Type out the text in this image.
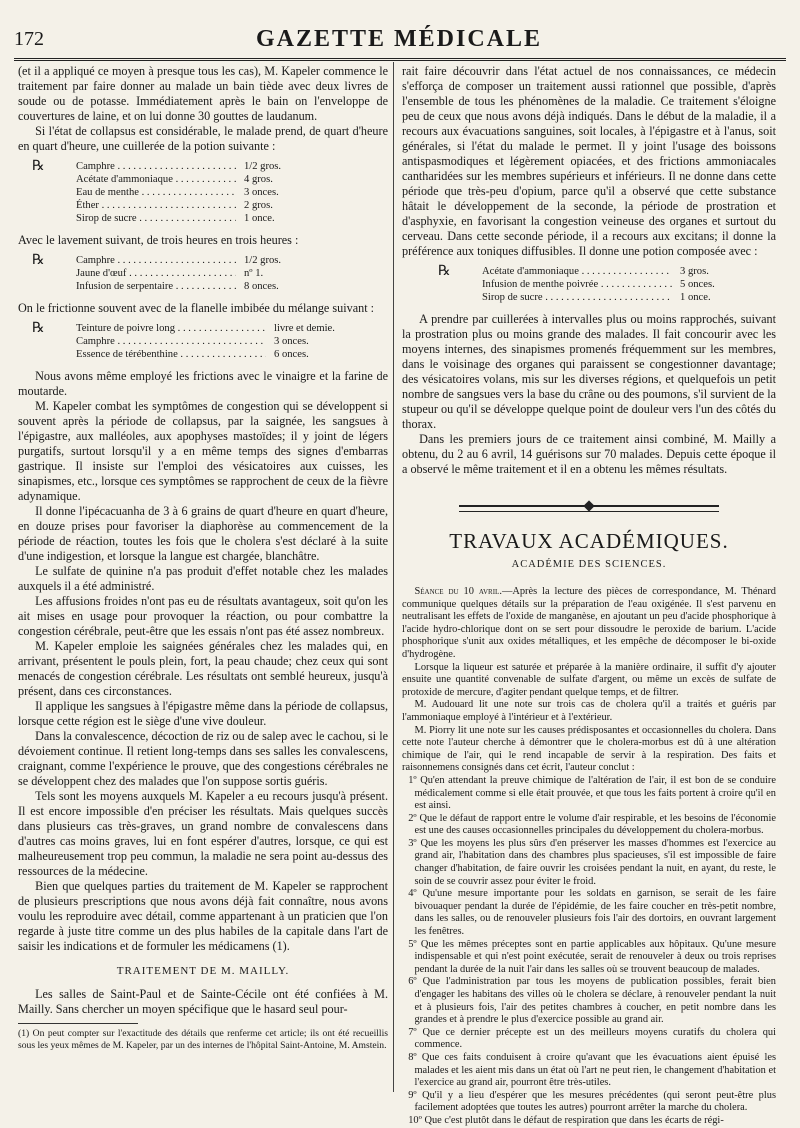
172	GAZETTE MÉDICALE

(et il a appliqué ce moyen à presque tous les cas), M. Kapeler commence le traitement par faire donner au malade un bain tiède avec deux livres de soude ou de potasse. Immédiatement après le bain on l'enveloppe de couvertures de laine, et on lui donne 30 gouttes de laudanum.

Si l'état de collapsus est considérable, le malade prend, de quart d'heure en quart d'heure, une cuillerée de la potion suivante :

℞	Camphre . . .	1/2 gros.
Acétate d'ammoniaque . . .	4 gros.
Eau de menthe . . .	3 onces.
Éther . . .	2 gros.
Sirop de sucre . . .	1 once.

Avec le lavement suivant, de trois heures en trois heures :

℞	Camphre . . .	1/2 gros.
Jaune d'œuf . . .	nº 1.
Infusion de serpentaire . . .	8 onces.

On le frictionne souvent avec de la flanelle imbibée du mélange suivant :

℞	Teinture de poivre long . . .	livre et demie.
Camphre . . .	3 onces.
Essence de térébenthine . . .	6 onces.

Nous avons même employé les frictions avec le vinaigre et la farine de moutarde.

M. Kapeler combat les symptômes de congestion qui se développent si souvent après la période de collapsus, par la saignée, les sangsues à l'épigastre, aux malléoles, aux apophyses mastoïdes; il y joint de légers purgatifs, surtout lorsqu'il y a en même temps des signes d'embarras gastrique. Il insiste sur l'emploi des vésicatoires aux cuisses, les sinapismes, etc., lorsque ces symptômes se rapprochent de ceux de la fièvre adynamique.

Il donne l'ipécacuanha de 3 à 6 grains de quart d'heure en quart d'heure, en douze prises pour favoriser la diaphorèse au commencement de la période de réaction, toutes les fois que le cholera s'est déclaré à la suite d'une indigestion, et lorsque la langue est chargée, blanchâtre.

Le sulfate de quinine n'a pas produit d'effet notable chez les malades auxquels il a été administré.

Les affusions froides n'ont pas eu de résultats avantageux, soit qu'on les ait mises en usage pour provoquer la réaction, ou pour combattre la congestion cérébrale, peut-être que les essais n'ont pas été assez nombreux.

M. Kapeler emploie les saignées générales chez les malades qui, en arrivant, présentent le pouls plein, fort, la peau chaude; chez ceux qui sont menacés de congestion cérébrale. Les résultats ont semblé heureux, jusqu'à présent, dans ces circonstances.

Il applique les sangsues à l'épigastre même dans la période de collapsus, lorsque cette région est le siège d'une vive douleur.

Dans la convalescence, décoction de riz ou de salep avec le cachou, si le dévoiement continue. Il retient long-temps dans ses salles les convalescens, craignant, comme l'expérience le prouve, que des congestions cérébrales ne se développent chez des malades que l'on suppose sortis guéris.

Tels sont les moyens auxquels M. Kapeler a eu recours jusqu'à présent. Il est encore impossible d'en préciser les résultats. Mais quelques succès dans plusieurs cas très-graves, un grand nombre de convalescens dans d'autres cas moins graves, lui en font espérer d'autres, lorsque, ce qui est malheureusement trop peu commun, la maladie ne sera point au-dessus des ressources de la médecine.

Bien que quelques parties du traitement de M. Kapeler se rapprochent de plusieurs prescriptions que nous avons déjà fait connaître, nous avons voulu les reproduire avec détail, comme appartenant à un praticien que l'on regarde à juste titre comme un des plus habiles de la capitale dans l'art de saisir les indications et de formuler les médicamens (1).

TRAITEMENT DE M. MAILLY.

Les salles de Saint-Paul et de Sainte-Cécile ont été confiées à M. Mailly. Sans chercher un moyen spécifique que le hasard seul pour-

(1) On peut compter sur l'exactitude des détails que renferme cet article; ils ont été recueillis sous les yeux mêmes de M. Kapeler, par un des internes de l'hôpital Saint-Antoine, M. Amstein.

rait faire découvrir dans l'état actuel de nos connaissances, ce médecin s'efforça de composer un traitement aussi rationnel que possible, d'après l'ensemble de tous les phénomènes de la maladie. Ce traitement s'éloigne peu de ceux que nous avons déjà indiqués. Dans le début de la maladie, il a recours aux évacuations sanguines, soit locales, à l'épigastre et à l'anus, soit générales, si l'état du malade le permet. Il y joint l'usage des boissons antispasmodiques et légèrement opiacées, et des frictions ammoniacales cantharidées sur les membres supérieurs et inférieurs. Il ne donne dans cette période que très-peu d'opium, parce qu'il a observé que cette substance hâtait le développement de la seconde, la période de prostration et d'asphyxie, en favorisant la congestion veineuse des organes et surtout du cerveau. Dans cette seconde période, il a recours aux excitans; il donne la préférence aux toniques diffusibles. Il donne une potion composée avec :

℞	Acétate d'ammoniaque . . .	3 gros.
Infusion de menthe poivrée . . .	5 onces.
Sirop de sucre . . .	1 once.

A prendre par cuillerées à intervalles plus ou moins rapprochés, suivant la prostration plus ou moins grande des malades. Il fait concourir avec les moyens internes, des sinapismes promenés fréquemment sur les membres, dans le voisinage des organes qui paraissent se congestionner davantage; des vésicatoires volans, mis sur les diverses régions, et quelquefois un petit nombre de sangsues vers la base du crâne ou des poumons, s'il survient de la stupeur ou qu'il se développe quelque point de douleur vers l'un des côtés du thorax.

Dans les premiers jours de ce traitement ainsi combiné, M. Mailly a obtenu, du 2 au 6 avril, 14 guérisons sur 70 malades. Depuis cette époque il a observé le même traitement et il en a obtenu les mêmes résultats.

TRAVAUX ACADÉMIQUES.
ACADÉMIE DES SCIENCES.

Séance du 10 avril.—Après la lecture des pièces de correspondance, M. Thénard communique quelques détails sur la préparation de l'eau oxigénée. Il s'est parvenu en neutralisant les effets de l'oxide de manganèse, en ajoutant un peu d'acide phosphorique à l'acide hydro-chlorique dont on se sert pour dissoudre le peroxide de barium. L'acide phosphorique s'unit aux oxides métalliques, et les empêche de décomposer le bi-oxide d'hydrogène.

Lorsque la liqueur est saturée et préparée à la manière ordinaire, il suffit d'y ajouter ensuite une quantité convenable de sulfate d'argent, ou même un excès de sulfate de protoxide de mercure, d'agiter pendant quelque temps, et de filtrer.

M. Audouard lit une note sur trois cas de cholera qu'il a traités et guéris par l'ammoniaque employé à l'intérieur et à l'extérieur.

M. Piorry lit une note sur les causes prédisposantes et occasionnelles du cholera. Dans cette note l'auteur cherche à démontrer que le cholera-morbus est dû à une altération chimique de l'air, qui le rend incapable de servir à la respiration. Des faits et raisonnemens consignés dans cet écrit, l'auteur conclut :

1º Qu'en attendant la preuve chimique de l'altération de l'air, il est bon de se conduire médicalement comme si elle était prouvée, et que tous les faits portent à croire qu'il en est ainsi.

2º Que le défaut de rapport entre le volume d'air respirable, et les besoins de l'économie est une des causes occasionnelles principales du développement du cholera-morbus.

3º Que les moyens les plus sûrs d'en préserver les masses d'hommes est l'exercice au grand air, l'habitation dans des chambres plus spacieuses, s'il est impossible de faire changer d'habitation, de faire ouvrir les croisées pendant la nuit, en ayant, du reste, le soin de se couvrir assez pour éviter le froid.

4º Qu'une mesure importante pour les soldats en garnison, se serait de les faire bivouaquer pendant la durée de l'épidémie, de les faire coucher en très-petit nombre, dans les salles, ou de renouveler plusieurs fois l'air des dortoirs, en ouvrant largement les fenêtres.

5º Que les mêmes préceptes sont en partie applicables aux hôpitaux. Qu'une mesure indispensable et qui n'est point exécutée, serait de renouveler à deux ou trois reprises pendant la durée de la nuit l'air dans les salles où se trouvent beaucoup de malades.

6º Que l'administration par tous les moyens de publication possibles, ferait bien d'engager les habitans des villes où le cholera se déclare, à renouveler pendant la nuit et à plusieurs fois, l'air des petites chambres à coucher, en petit nombre dans les grandes et à prendre le plus d'exercice possible au grand air.

7º Que ce dernier précepte est un des meilleurs moyens curatifs du cholera qui commence.

8º Que ces faits conduisent à croire qu'avant que les évacuations aient épuisé les malades et les aient mis dans un état où l'art ne peut rien, le changement d'habitation et l'exercice au grand air, pourront être très-utiles.

9º Qu'il y a lieu d'espérer que les mesures précédentes (qui seront peut-être plus facilement adoptées que toutes les autres) pourront arrêter la marche du cholera.

10º Que c'est plutôt dans le défaut de respiration que dans les écarts de régi-
